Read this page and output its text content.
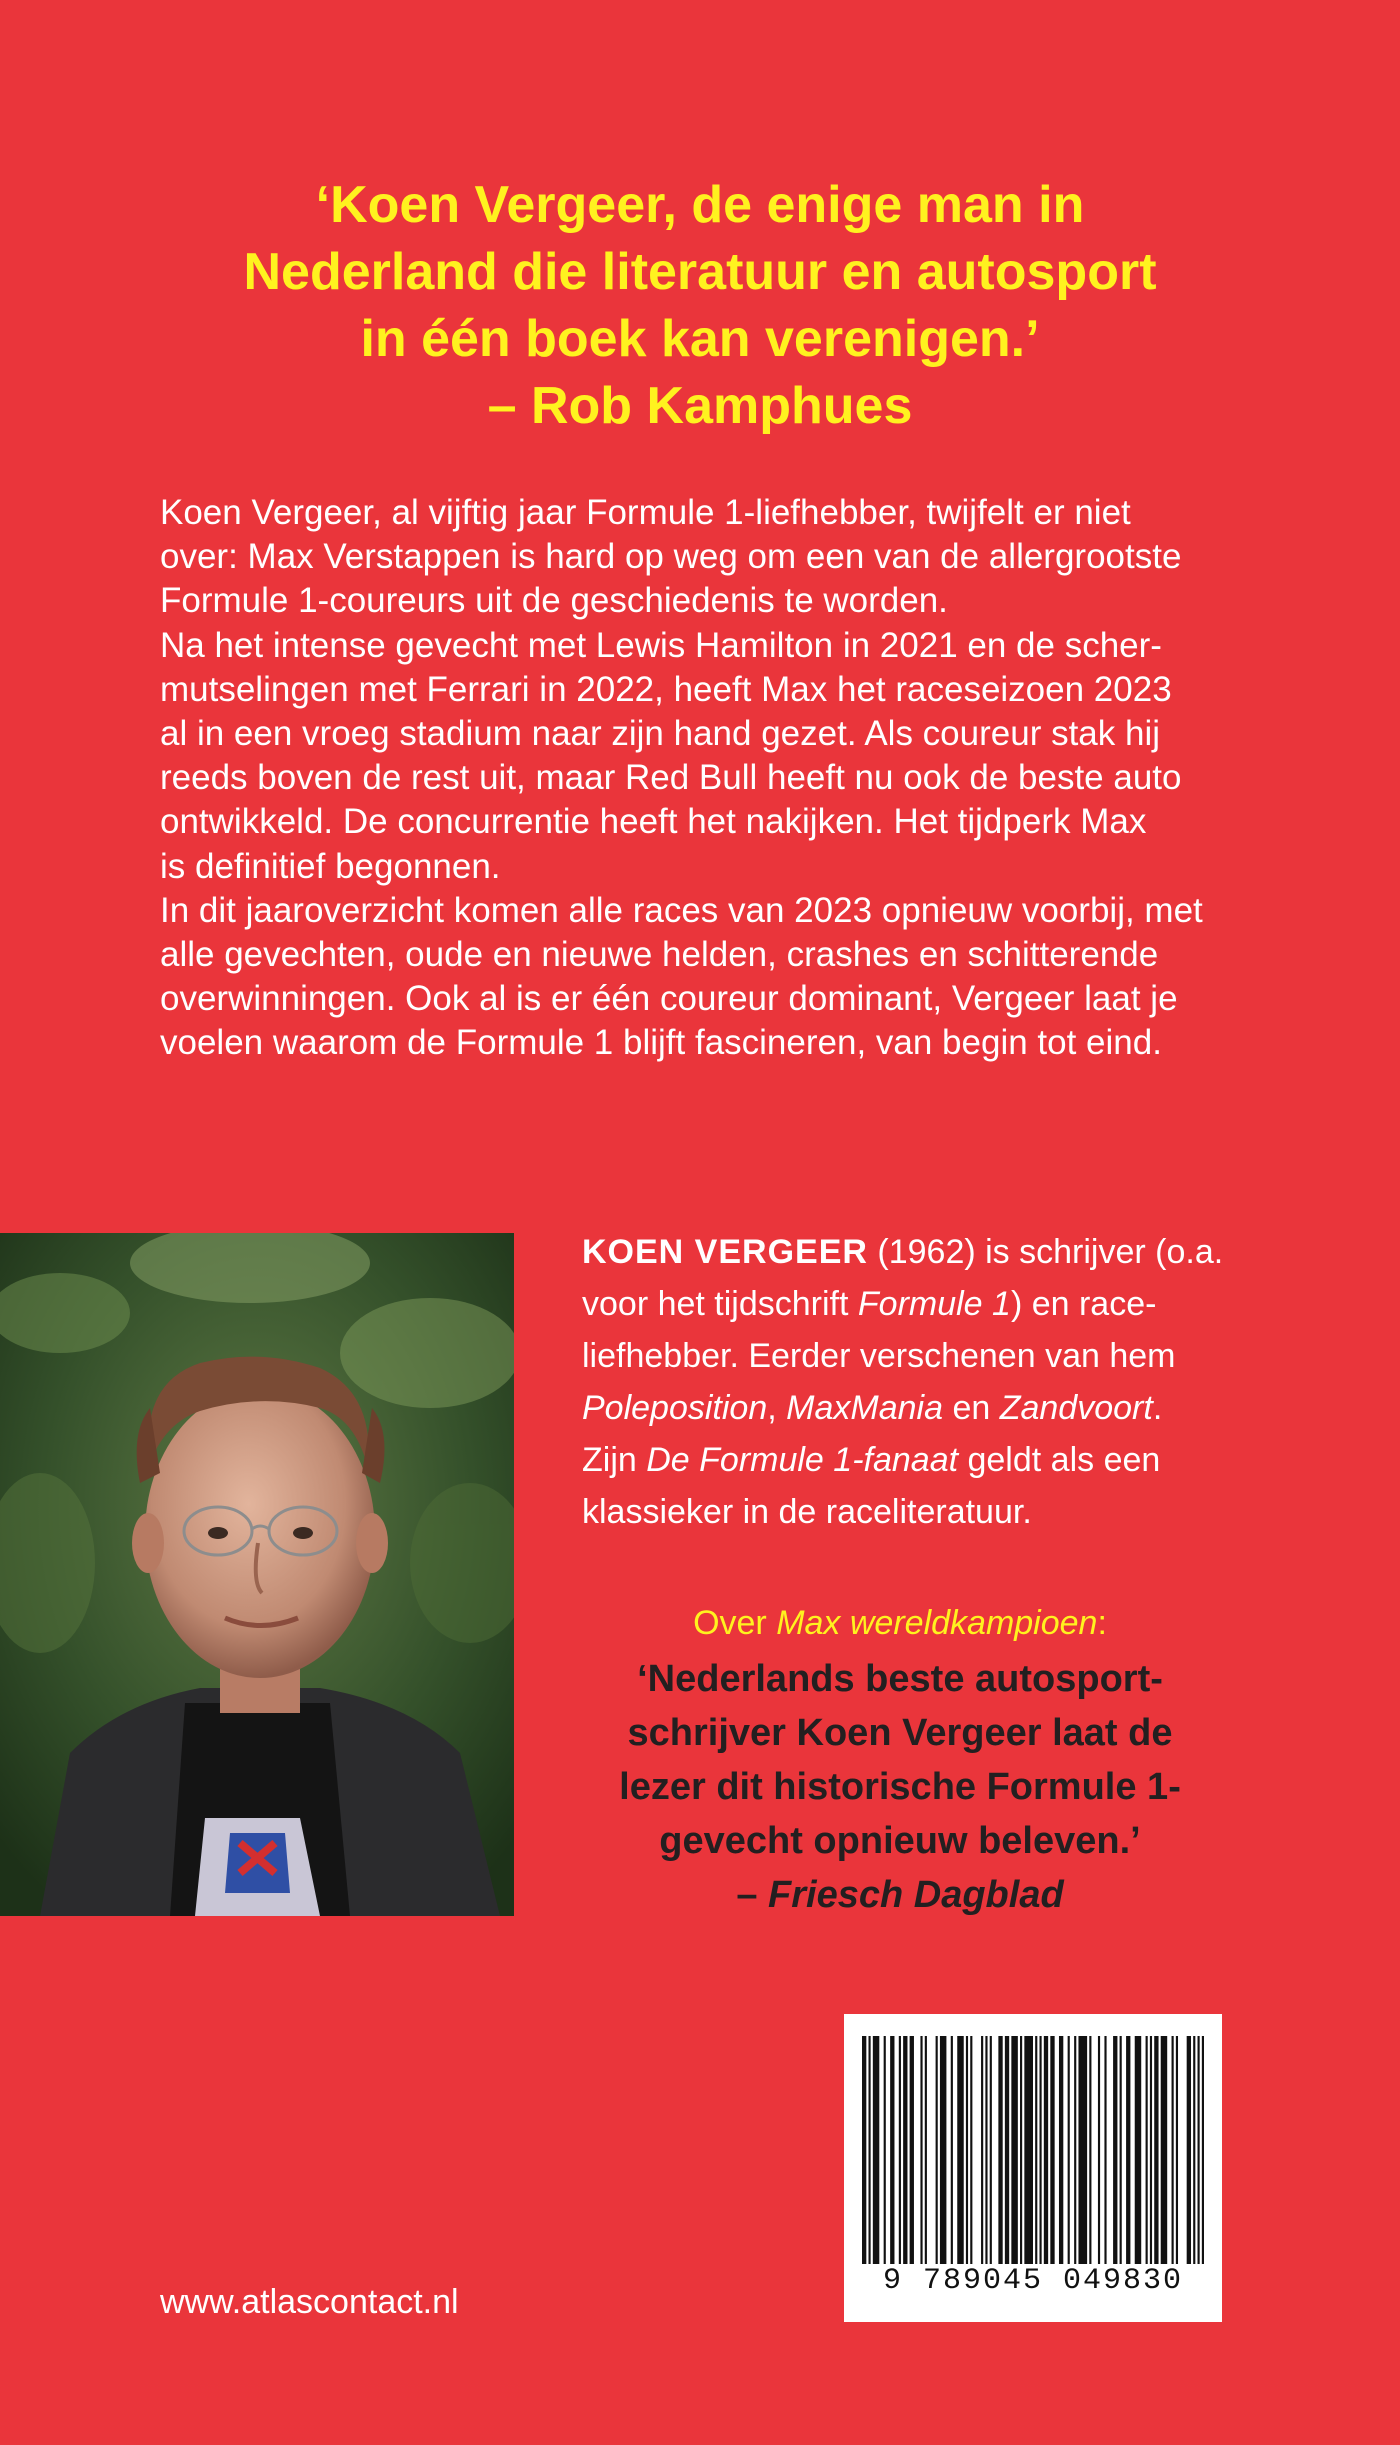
‘Koen Vergeer, de enige man in
Nederland die literatuur en autosport
in één boek kan verenigen.’
– Rob Kamphues

Koen Vergeer, al vijftig jaar Formule 1-liefhebber, twijfelt er niet
over: Max Verstappen is hard op weg om een van de allergrootste
Formule 1-coureurs uit de geschiedenis te worden.

Na het intense gevecht met Lewis Hamilton in 2021 en de scher-
mutselingen met Ferrari in 2022, heeft Max het raceseizoen 2023
al in een vroeg stadium naar zijn hand gezet. Als coureur stak hij
reeds boven de rest uit, maar Red Bull heeft nu ook de beste auto
ontwikkeld. De concurrentie heeft het nakijken. Het tijdperk Max
is definitief begonnen.

In dit jaaroverzicht komen alle races van 2023 opnieuw voorbij, met
alle gevechten, oude en nieuwe helden, crashes en schitterende
overwinningen. Ook al is er één coureur dominant, Vergeer laat je
voelen waarom de Formule 1 blijft fascineren, van begin tot eind.

KOEN VERGEER (1962) is schrijver (o.a.
voor het tijdschrift Formule 1) en race-
liefhebber. Eerder verschenen van hem
Poleposition, MaxMania en Zandvoort.
Zijn De Formule 1-fanaat geldt als een
klassieker in de raceliteratuur.
Over Max wereldkampioen:
‘Nederlands beste autosport-
schrijver Koen Vergeer laat de
lezer dit historische Formule 1-
gevecht opnieuw beleven.’
– Friesch Dagblad
9 789045 049830
www.atlascontact.nl
